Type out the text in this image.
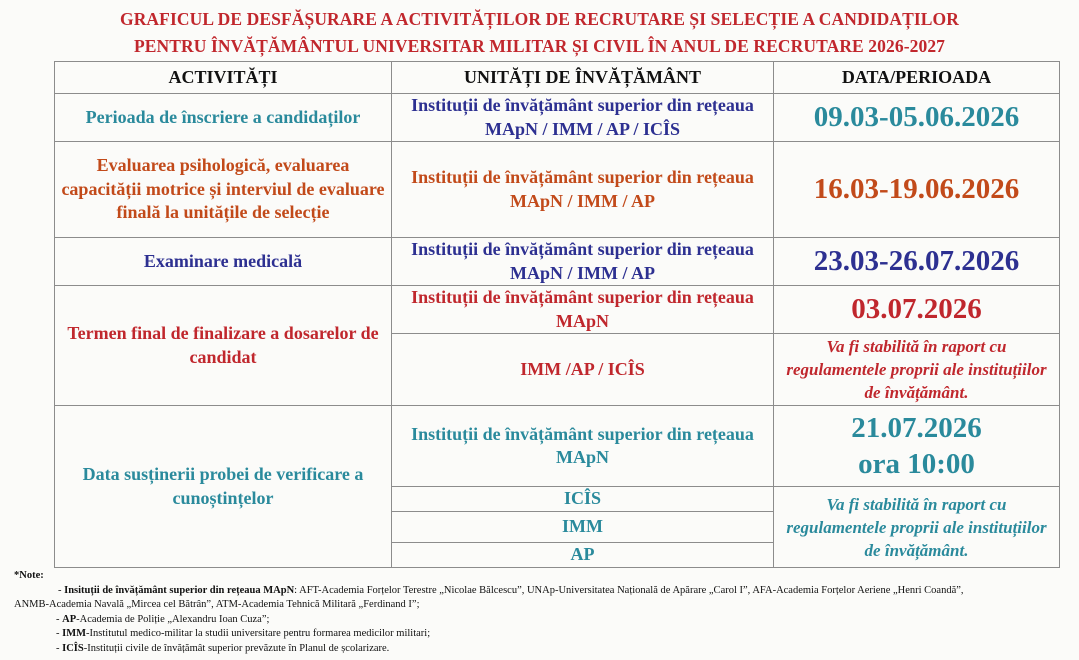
GRAFICUL DE DESFĂȘURARE A ACTIVITĂȚILOR DE RECRUTARE ȘI SELECȚIE A CANDIDAȚILOR
PENTRU ÎNVĂȚĂMÂNTUL UNIVERSITAR MILITAR ȘI CIVIL ÎN ANUL DE RECRUTARE 2026-2027
ACTIVITĂȚI	UNITĂȚI DE ÎNVĂȚĂMÂNT	DATA/PERIOADA
Perioada de înscriere a candidaților	Instituții de învățământ superior din rețeaua MApN / IMM / AP / ICÎS	09.03-05.06.2026
Evaluarea psihologică, evaluarea capacității motrice și interviul de evaluare finală la unitățile de selecție	Instituții de învățământ superior din rețeaua MApN / IMM / AP	16.03-19.06.2026
Examinare medicală	Instituții de învățământ superior din rețeaua MApN / IMM / AP	23.03-26.07.2026
Termen final de finalizare a dosarelor de candidat	Instituții de învățământ superior din rețeaua MApN	03.07.2026
	IMM /AP / ICÎS	Va fi stabilită în raport cu regulamentele proprii ale instituțiilor de învățământ.
Data susținerii probei de verificare a cunoștințelor	Instituții de învățământ superior din rețeaua MApN	21.07.2026
ora 10:00

	ICÎS	Va fi stabilită în raport cu regulamentele proprii ale instituțiilor de învățământ.
	IMM	
	AP	
*Note:
- Insituții de învățământ superior din rețeaua MApN: AFT-Academia Forțelor Terestre „Nicolae Bălcescu”, UNAp-Universitatea Națională de Apărare „Carol I”, AFA-Academia Forțelor Aeriene „Henri Coandă”,
ANMB-Academia Navală „Mircea cel Bătrân”, ATM-Academia Tehnică Militară „Ferdinand I”;
- AP-Academia de Poliție „Alexandru Ioan Cuza”;
- IMM-Institutul medico-militar la studii universitare pentru formarea medicilor militari;
- ICÎS-Instituții civile de învățămât superior prevăzute în Planul de școlarizare.
